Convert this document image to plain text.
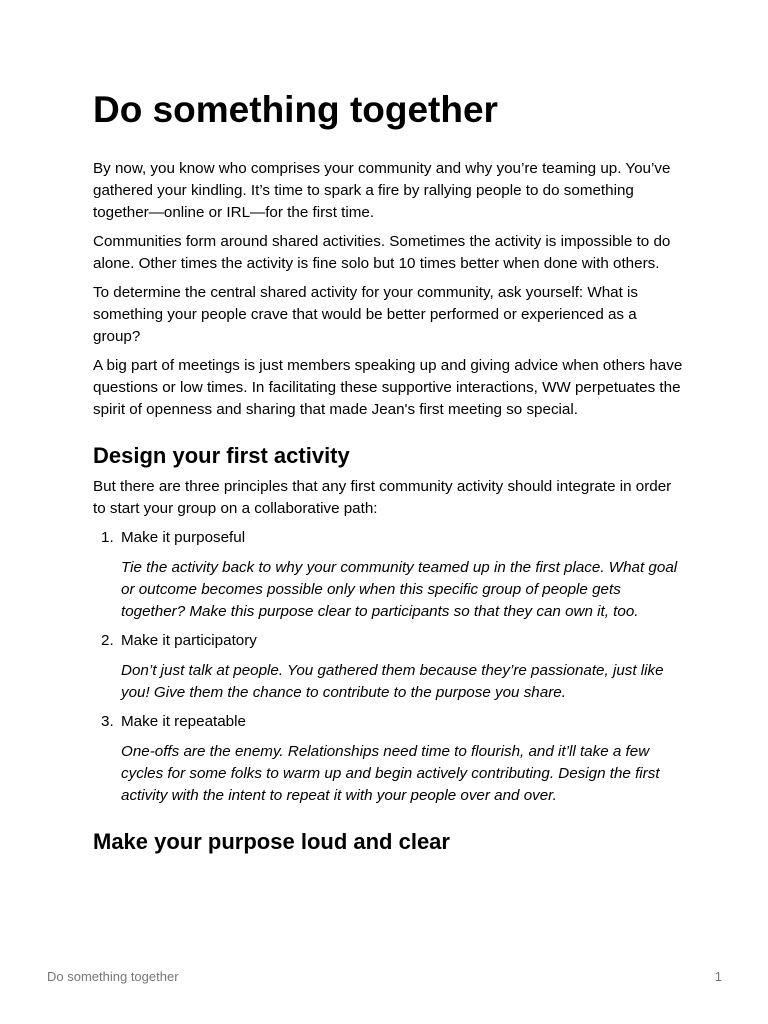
Do something together

By now, you know who comprises your community and why you’re teaming up. You’ve gathered your kindling. It’s time to spark a fire by rallying people to do something together—online or IRL—for the first time.

Communities form around shared activities. Sometimes the activity is impossible to do alone. Other times the activity is fine solo but 10 times better when done with others.

To determine the central shared activity for your community, ask yourself: What is something your people crave that would be better performed or experienced as a group?

A big part of meetings is just members speaking up and giving advice when others have questions or low times. In facilitating these supportive interactions, WW perpetuates the spirit of openness and sharing that made Jean's first meeting so special.

Design your first activity

But there are three principles that any first community activity should integrate in order to start your group on a collaborative path:

1. Make it purposeful

Tie the activity back to why your community teamed up in the first place. What goal or outcome becomes possible only when this specific group of people gets together? Make this purpose clear to participants so that they can own it, too.

2. Make it participatory

Don’t just talk at people. You gathered them because they’re passionate, just like you! Give them the chance to contribute to the purpose you share.

3. Make it repeatable

One-offs are the enemy. Relationships need time to flourish, and it’ll take a few cycles for some folks to warm up and begin actively contributing. Design the first activity with the intent to repeat it with your people over and over.

Make your purpose loud and clear
Do something together	1
